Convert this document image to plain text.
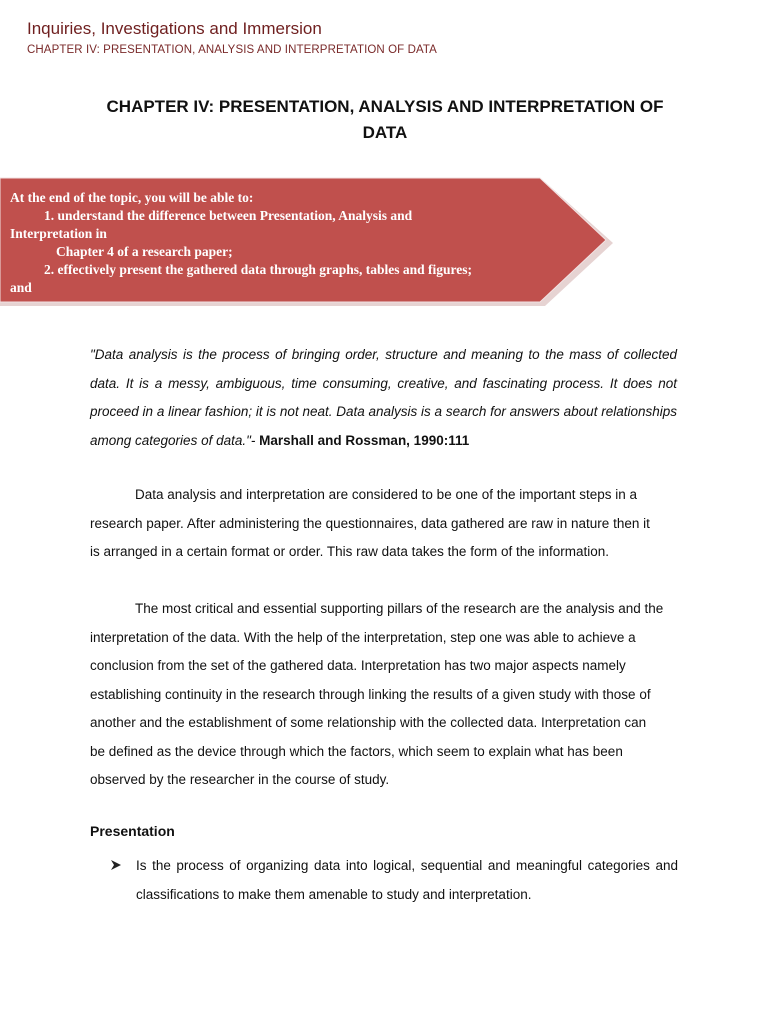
Inquiries, Investigations and Immersion
CHAPTER IV: PRESENTATION, ANALYSIS AND INTERPRETATION OF DATA
CHAPTER IV: PRESENTATION, ANALYSIS AND INTERPRETATION OF
DATA
At the end of the topic, you will be able to:
1. understand the difference between Presentation, Analysis and
Interpretation in
Chapter 4 of a research paper;
2. effectively present the gathered data through graphs, tables and figures;
and
"Data analysis is the process of bringing order, structure and meaning to the mass of collected data. It is a messy, ambiguous, time consuming, creative, and fascinating process. It does not proceed in a linear fashion; it is not neat. Data analysis is a search for answers about relationships among categories of data."- Marshall and Rossman, 1990:111
Data analysis and interpretation are considered to be one of the important steps in a
research paper. After administering the questionnaires, data gathered are raw in nature then it
is arranged in a certain format or order. This raw data takes the form of the information.
The most critical and essential supporting pillars of the research are the analysis and the
interpretation of the data. With the help of the interpretation, step one was able to achieve a
conclusion from the set of the gathered data. Interpretation has two major aspects namely
establishing continuity in the research through linking the results of a given study with those of
another and the establishment of some relationship with the collected data. Interpretation can
be defined as the device through which the factors, which seem to explain what has been
observed by the researcher in the course of study.
Presentation
Is the process of organizing data into logical, sequential and meaningful categories and classifications to make them amenable to study and interpretation.
